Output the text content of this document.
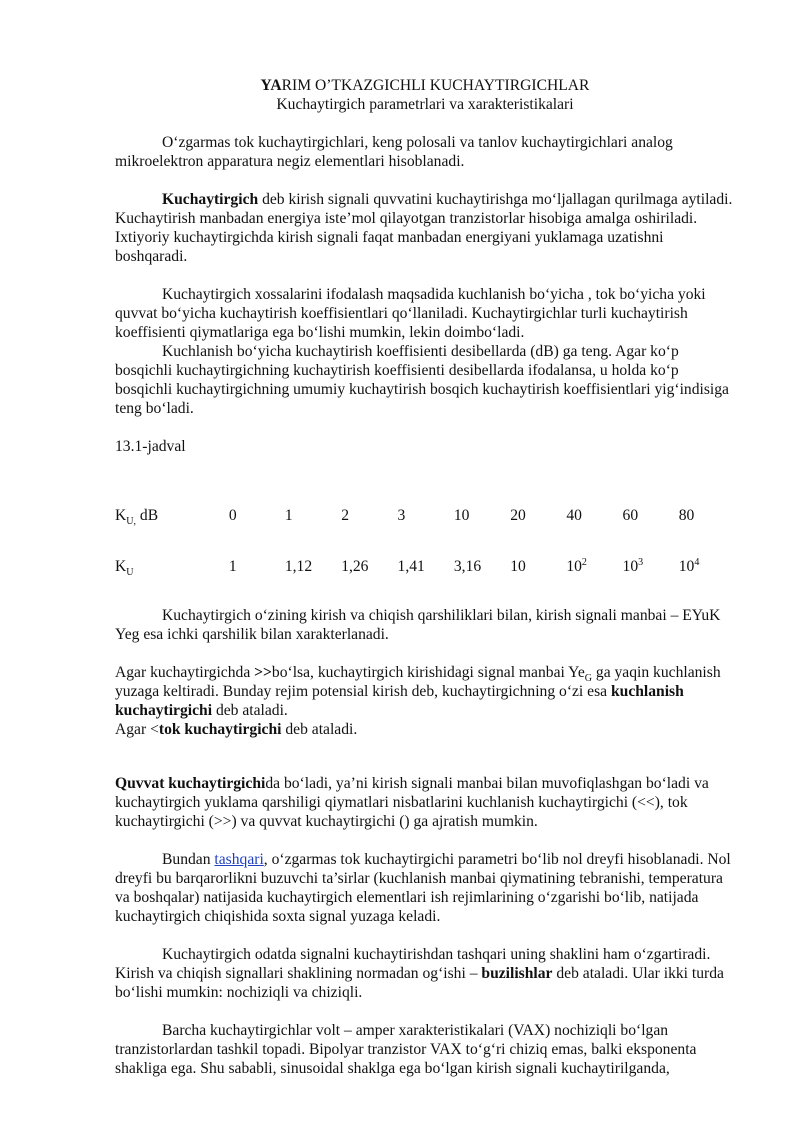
YARIM O’TKAZGICHLI KUCHAYTIRGICHLAR
Kuchaytirgich parametrlari va xarakteristikalari

O‘zgarmas tok kuchaytirgichlari, keng polosali va tanlov kuchaytirgichlari analog mikroelektron apparatura negiz elementlari hisoblanadi.

Kuchaytirgich deb kirish signali quvvatini kuchaytirishga mo‘ljallagan qurilmaga aytiladi. Kuchaytirish manbadan energiya iste’mol qilayotgan tranzistorlar hisobiga amalga oshiriladi. Ixtiyoriy kuchaytirgichda kirish signali faqat manbadan energiyani yuklamaga uzatishni boshqaradi.

Kuchaytirgich xossalarini ifodalash maqsadida kuchlanish bo‘yicha , tok bo‘yicha yoki quvvat bo‘yicha kuchaytirish koeffisientlari qo‘llaniladi. Kuchaytirgichlar turli kuchaytirish koeffisienti qiymatlariga ega bo‘lishi mumkin, lekin doimbo‘ladi.

Kuchlanish bo‘yicha kuchaytirish koeffisienti desibellarda (dB) ga teng. Agar ko‘p bosqichli kuchaytirgichning kuchaytirish koeffisienti desibellarda ifodalansa, u holda ko‘p bosqichli kuchaytirgichning umumiy kuchaytirish bosqich kuchaytirish koeffisientlari yig‘indisiga teng bo‘ladi.

13.1-jadval

$K_{U,}$ dB	0	1	2	3	10	20	40	60	80
$K_U$	1	1,12	1,26	1,41	3,16	10	$10^2$	$10^3$	$10^4$

Kuchaytirgich o‘zining kirish va chiqish qarshiliklari bilan, kirish signali manbai – EYuK Yeg esa ichki qarshilik bilan xarakterlanadi.

Agar kuchaytirgichda >>bo‘lsa, kuchaytirgich kirishidagi signal manbai $Ye_G$ ga yaqin kuchlanish yuzaga keltiradi. Bunday rejim potensial kirish deb, kuchaytirgichning o‘zi esa kuchlanish kuchaytirgichi deb ataladi.

Agar <tok kuchaytirgichi deb ataladi.

Quvvat kuchaytirgichida bo‘ladi, ya’ni kirish signali manbai bilan muvofiqlashgan bo‘ladi va kuchaytirgich yuklama qarshiligi qiymatlari nisbatlarini kuchlanish kuchaytirgichi (<<), tok kuchaytirgichi (>>) va quvvat kuchaytirgichi () ga ajratish mumkin.

Bundan tashqari, o‘zgarmas tok kuchaytirgichi parametri bo‘lib nol dreyfi hisoblanadi. Nol dreyfi bu barqarorlikni buzuvchi ta’sirlar (kuchlanish manbai qiymatining tebranishi, temperatura va boshqalar) natijasida kuchaytirgich elementlari ish rejimlarining o‘zgarishi bo‘lib, natijada kuchaytirgich chiqishida soxta signal yuzaga keladi.

Kuchaytirgich odatda signalni kuchaytirishdan tashqari uning shaklini ham o‘zgartiradi. Kirish va chiqish signallari shaklining normadan og‘ishi – buzilishlar deb ataladi. Ular ikki turda bo‘lishi mumkin: nochiziqli va chiziqli.

Barcha kuchaytirgichlar volt – amper xarakteristikalari (VAX) nochiziqli bo‘lgan tranzistorlardan tashkil topadi. Bipolyar tranzistor VAX to‘g‘ri chiziq emas, balki eksponenta shakliga ega. Shu sababli, sinusoidal shaklga ega bo‘lgan kirish signali kuchaytirilganda,
